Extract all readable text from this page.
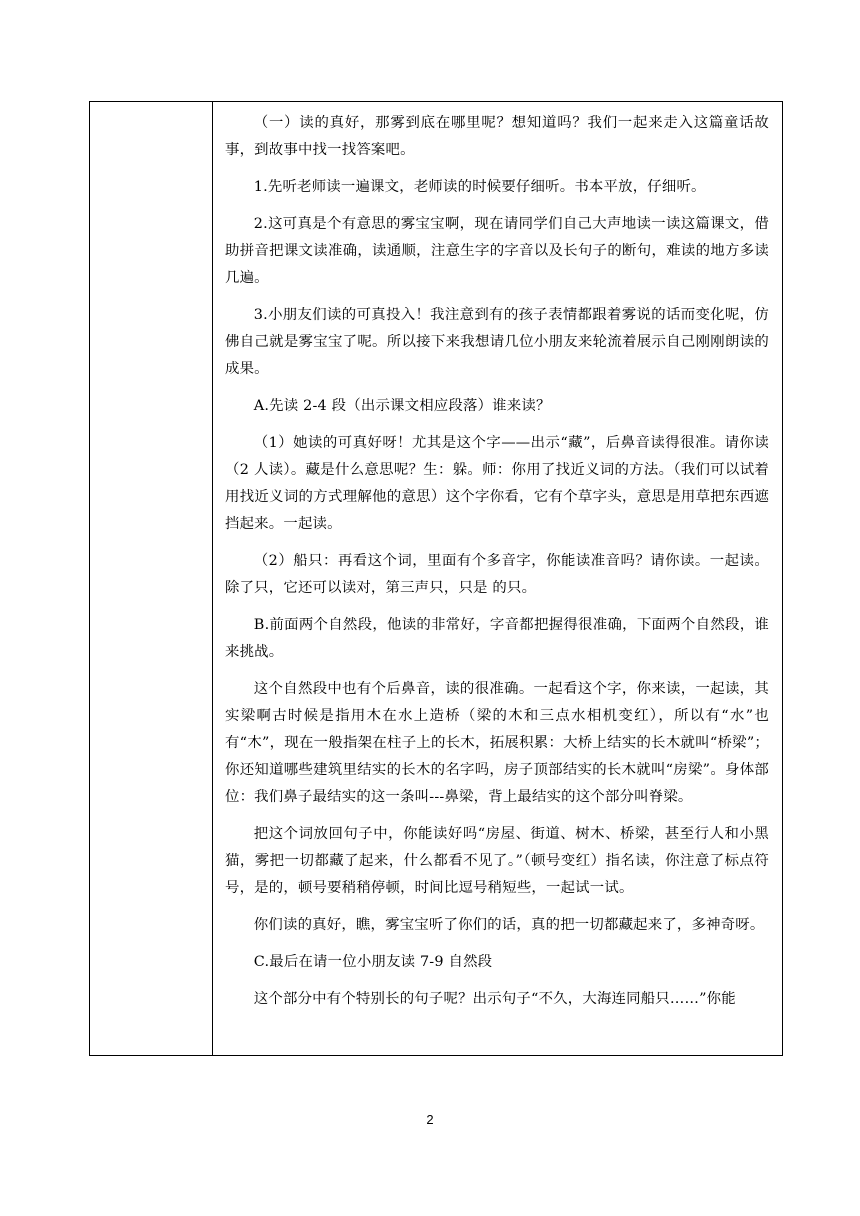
（一）读的真好，那雾到底在哪里呢？想知道吗？我们一起来走入这篇童话故事，到故事中找一找答案吧。

1.先听老师读一遍课文，老师读的时候要仔细听。书本平放，仔细听。

2.这可真是个有意思的雾宝宝啊，现在请同学们自己大声地读一读这篇课文，借助拼音把课文读准确，读通顺，注意生字的字音以及长句子的断句，难读的地方多读几遍。

3.小朋友们读的可真投入！我注意到有的孩子表情都跟着雾说的话而变化呢，仿佛自己就是雾宝宝了呢。所以接下来我想请几位小朋友来轮流着展示自己刚刚朗读的成果。

A.先读 2-4 段（出示课文相应段落）谁来读？

（1）她读的可真好呀！尤其是这个字——出示“藏”，后鼻音读得很准。请你读（2 人读）。藏是什么意思呢？生：躲。师：你用了找近义词的方法。（我们可以试着用找近义词的方式理解他的意思）这个字你看，它有个草字头，意思是用草把东西遮挡起来。一起读。

（2）船只：再看这个词，里面有个多音字，你能读准音吗？请你读。一起读。除了只，它还可以读对，第三声只，只是 的只。

B.前面两个自然段，他读的非常好，字音都把握得很准确，下面两个自然段，谁来挑战。

这个自然段中也有个后鼻音，读的很准确。一起看这个字，你来读，一起读，其实梁啊古时候是指用木在水上造桥（梁的木和三点水相机变红），所以有“水”也有“木”，现在一般指架在柱子上的长木，拓展积累：大桥上结实的长木就叫“桥梁”；你还知道哪些建筑里结实的长木的名字吗，房子顶部结实的长木就叫“房梁”。身体部位：我们鼻子最结实的这一条叫---鼻梁，背上最结实的这个部分叫脊梁。

把这个词放回句子中，你能读好吗“房屋、街道、树木、桥梁，甚至行人和小黑猫，雾把一切都藏了起来，什么都看不见了。”（顿号变红）指名读，你注意了标点符号，是的，顿号要稍稍停顿，时间比逗号稍短些，一起试一试。

你们读的真好，瞧，雾宝宝听了你们的话，真的把一切都藏起来了，多神奇呀。

C.最后在请一位小朋友读 7-9 自然段

这个部分中有个特别长的句子呢？出示句子“不久，大海连同船只……”你能

2
